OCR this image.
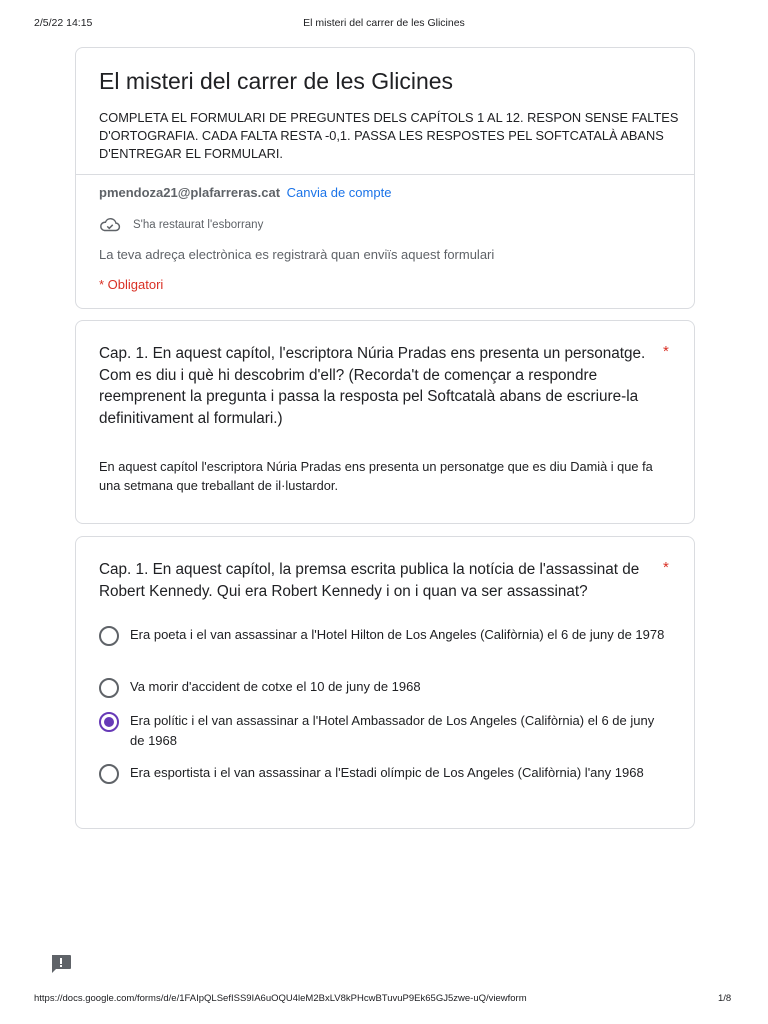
2/5/22 14:15	El misteri del carrer de les Glicines
El misteri del carrer de les Glicines
COMPLETA EL FORMULARI DE PREGUNTES DELS CAPÍTOLS 1 AL 12. RESPON SENSE FALTES D'ORTOGRAFIA. CADA FALTA RESTA -0,1. PASSA LES RESPOSTES PEL SOFTCATALÀ ABANS D'ENTREGAR EL FORMULARI.
pmendoza21@plafarreras.cat Canvia de compte
S'ha restaurat l'esborrany
La teva adreça electrònica es registrarà quan enviïs aquest formulari
* Obligatori
Cap. 1. En aquest capítol, l'escriptora Núria Pradas ens presenta un personatge. Com es diu i què hi descobrim d'ell? (Recorda't de començar a respondre reemprenent la pregunta i passa la resposta pel Softcatalà abans de escriure-la definitivament al formulari.)
*
En aquest capítol l'escriptora Núria Pradas ens presenta un personatge que es diu Damià i que fa una setmana que treballant de il·lustardor.
Cap. 1. En aquest capítol, la premsa escrita publica la notícia de l'assassinat de Robert Kennedy. Qui era Robert Kennedy i on i quan va ser assassinat?
*
Era poeta i el van assassinar a l'Hotel Hilton de Los Angeles (Califòrnia) el 6 de juny de 1978
Va morir d'accident de cotxe el 10 de juny de 1968
Era polític i el van assassinar a l'Hotel Ambassador de Los Angeles (Califòrnia) el 6 de juny de 1968
Era esportista i el van assassinar a l'Estadi olímpic de Los Angeles (Califòrnia) l'any 1968
https://docs.google.com/forms/d/e/1FAIpQLSefISS9IA6uOQU4leM2BxLV8kPHcwBTuvuP9Ek65GJ5zwe-uQ/viewform	1/8
